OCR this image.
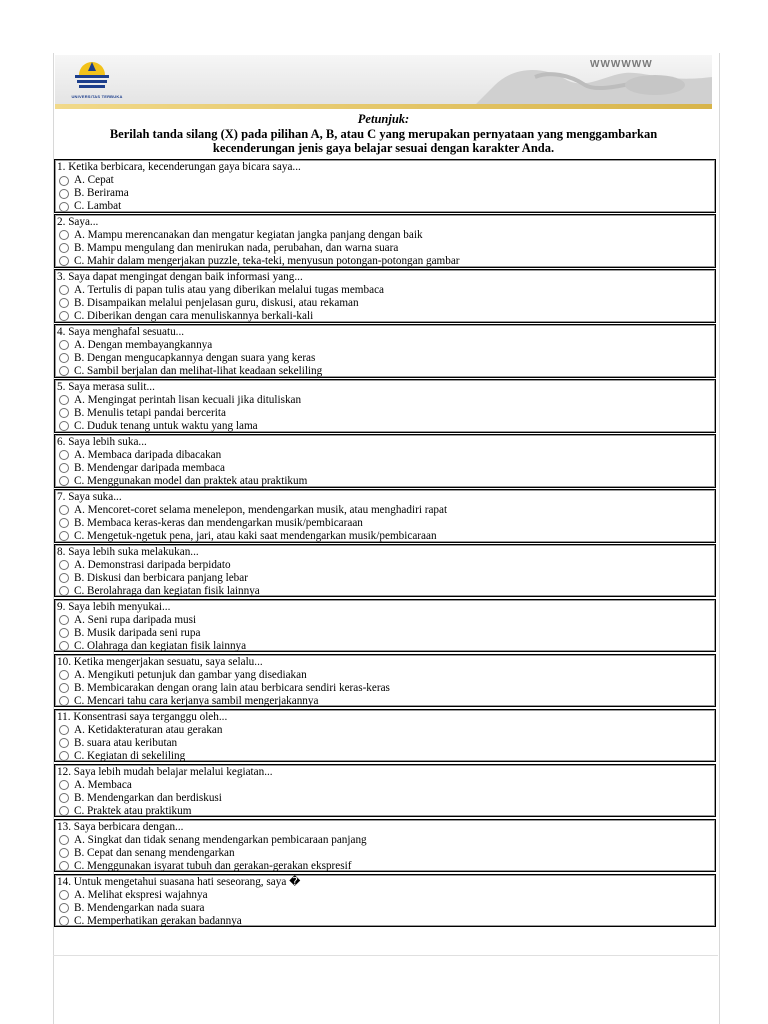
UNIVERSITAS TERBUKA
WWWWWW
Petunjuk:
Berilah tanda silang (X) pada pilihan A, B, atau C yang merupakan pernyataan yang menggambarkan kecenderungan jenis gaya belajar sesuai dengan karakter Anda.
1. Ketika berbicara, kecenderungan gaya bicara saya...
A. Cepat
B. Berirama
C. Lambat
2. Saya...
A. Mampu merencanakan dan mengatur kegiatan jangka panjang dengan baik
B. Mampu mengulang dan menirukan nada, perubahan, dan warna suara
C. Mahir dalam mengerjakan puzzle, teka-teki, menyusun potongan-potongan gambar
3. Saya dapat mengingat dengan baik informasi yang...
A. Tertulis di papan tulis atau yang diberikan melalui tugas membaca
B. Disampaikan melalui penjelasan guru, diskusi, atau rekaman
C. Diberikan dengan cara menuliskannya berkali-kali
4. Saya menghafal sesuatu...
A. Dengan membayangkannya
B. Dengan mengucapkannya dengan suara yang keras
C. Sambil berjalan dan melihat-lihat keadaan sekeliling
5. Saya merasa sulit...
A. Mengingat perintah lisan kecuali jika dituliskan
B. Menulis tetapi pandai bercerita
C. Duduk tenang untuk waktu yang lama
6. Saya lebih suka...
A. Membaca daripada dibacakan
B. Mendengar daripada membaca
C. Menggunakan model dan praktek atau praktikum
7. Saya suka...
A. Mencoret-coret selama menelepon, mendengarkan musik, atau menghadiri rapat
B. Membaca keras-keras dan mendengarkan musik/pembicaraan
C. Mengetuk-ngetuk pena, jari, atau kaki saat mendengarkan musik/pembicaraan
8. Saya lebih suka melakukan...
A. Demonstrasi daripada berpidato
B. Diskusi dan berbicara panjang lebar
C. Berolahraga dan kegiatan fisik lainnya
9. Saya lebih menyukai...
A. Seni rupa daripada musi
B. Musik daripada seni rupa
C. Olahraga dan kegiatan fisik lainnya
10. Ketika mengerjakan sesuatu, saya selalu...
A. Mengikuti petunjuk dan gambar yang disediakan
B. Membicarakan dengan orang lain atau berbicara sendiri keras-keras
C. Mencari tahu cara kerjanya sambil mengerjakannya
11. Konsentrasi saya terganggu oleh...
A. Ketidakteraturan atau gerakan
B. suara atau keributan
C. Kegiatan di sekeliling
12. Saya lebih mudah belajar melalui kegiatan...
A. Membaca
B. Mendengarkan dan berdiskusi
C. Praktek atau praktikum
13. Saya berbicara dengan...
A. Singkat dan tidak senang mendengarkan pembicaraan panjang
B. Cepat dan senang mendengarkan
C. Menggunakan isyarat tubuh dan gerakan-gerakan ekspresif
14. Untuk mengetahui suasana hati seseorang, saya �
A. Melihat ekspresi wajahnya
B. Mendengarkan nada suara
C. Memperhatikan gerakan badannya
